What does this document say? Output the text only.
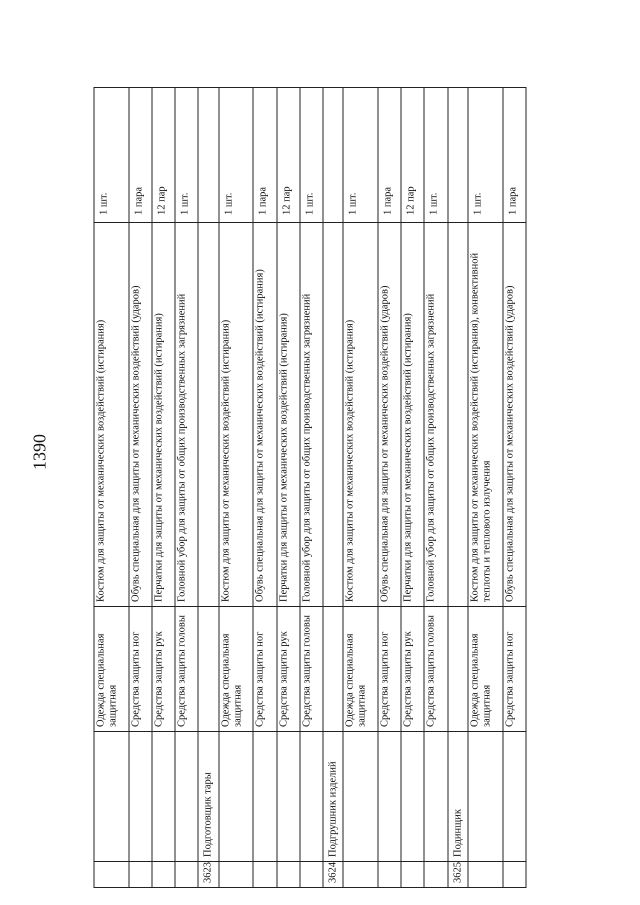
1390
		Одежда специальная защитная	Костюм для защиты от механических воздействий (истирания)	1 шт.

		Средства защиты ног	Обувь специальная для защиты от механических воздействий (ударов)	1 пара

		Средства защиты рук	Перчатки для защиты от механических воздействий (истирания)	12 пар

		Средства защиты головы	Головной убор для защиты от общих производственных загрязнений	1 шт.

3623	Подготовщик тары			

		Одежда специальная защитная	Костюм для защиты от механических воздействий (истирания)	1 шт.

		Средства защиты ног	Обувь специальная для защиты от механических воздействий (истирания)	1 пара

		Средства защиты рук	Перчатки для защиты от механических воздействий (истирания)	12 пар

		Средства защиты головы	Головной убор для защиты от общих производственных загрязнений	1 шт.

3624	Подгрушник изделий			

		Одежда специальная защитная	Костюм для защиты от механических воздействий (истирания)	1 шт.

		Средства защиты ног	Обувь специальная для защиты от механических воздействий (ударов)	1 пара

		Средства защиты рук	Перчатки для защиты от механических воздействий (истирания)	12 пар

		Средства защиты головы	Головной убор для защиты от общих производственных загрязнений	1 шт.

3625	Подинщик			

		Одежда специальная защитная	Костюм для защиты от механических воздействий (истирания), конвективной теплоты и теплового излучения	1 шт.

		Средства защиты ног	Обувь специальная для защиты от механических воздействий (ударов)	1 пара
